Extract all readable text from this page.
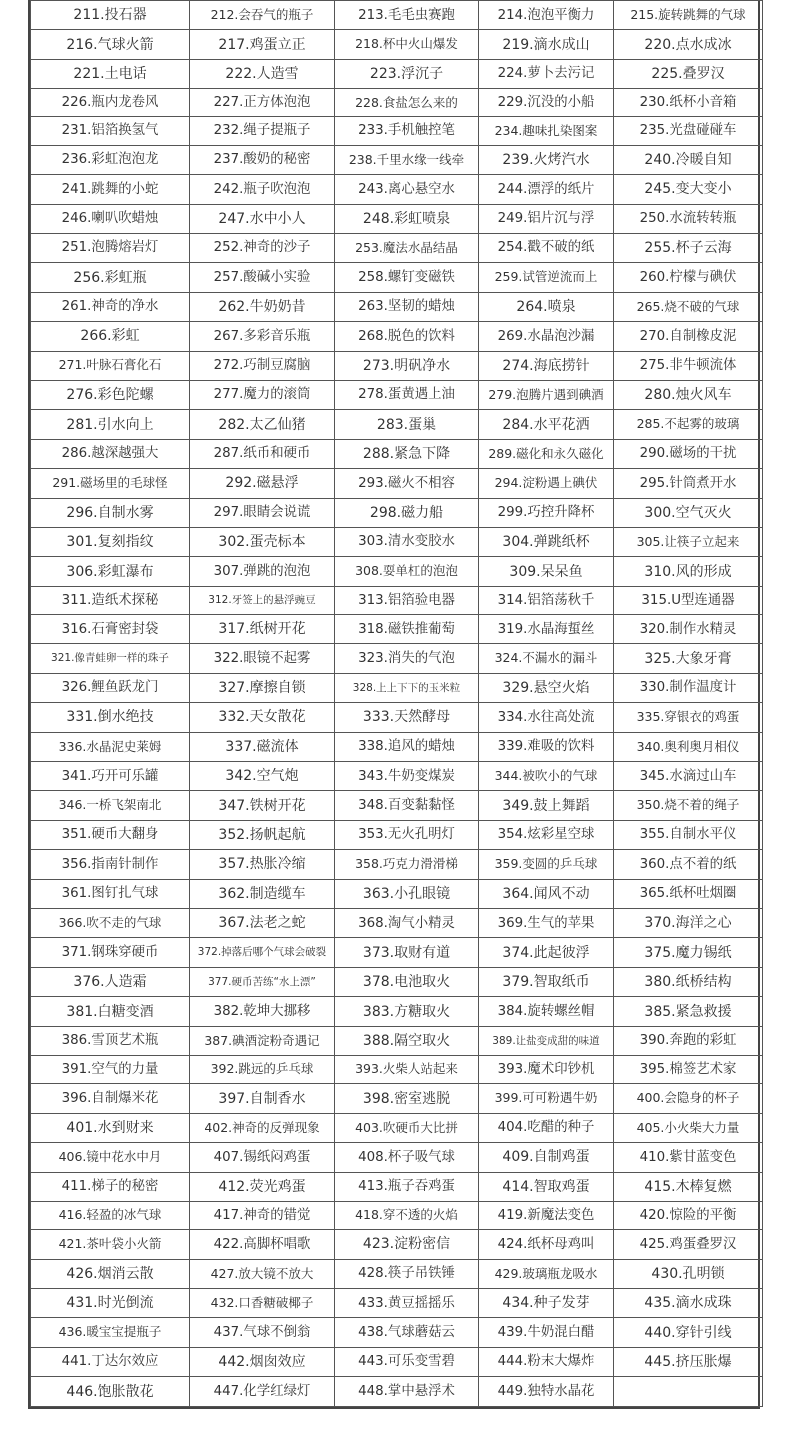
211.投石器	212.会吞气的瓶子	213.毛毛虫赛跑	214.泡泡平衡力	215.旋转跳舞的气球
216.气球火箭	217.鸡蛋立正	218.杯中火山爆发	219.滴水成山	220.点水成冰
221.土电话	222.人造雪	223.浮沉子	224.萝卜去污记	225.叠罗汉
226.瓶内龙卷风	227.正方体泡泡	228.食盐怎么来的	229.沉没的小船	230.纸杯小音箱
231.铝箔换氢气	232.绳子提瓶子	233.手机触控笔	234.趣味扎染图案	235.光盘碰碰车
236.彩虹泡泡龙	237.酸奶的秘密	238.千里水缘一线牵	239.火烤汽水	240.冷暖自知
241.跳舞的小蛇	242.瓶子吹泡泡	243.离心悬空水	244.漂浮的纸片	245.变大变小
246.喇叭吹蜡烛	247.水中小人	248.彩虹喷泉	249.铝片沉与浮	250.水流转转瓶
251.泡腾熔岩灯	252.神奇的沙子	253.魔法水晶结晶	254.戳不破的纸	255.杯子云海
256.彩虹瓶	257.酸碱小实验	258.螺钉变磁铁	259.试管逆流而上	260.柠檬与碘伏
261.神奇的净水	262.牛奶奶昔	263.坚韧的蜡烛	264.喷泉	265.烧不破的气球
266.彩虹	267.多彩音乐瓶	268.脱色的饮料	269.水晶泡沙漏	270.自制橡皮泥
271.叶脉石膏化石	272.巧制豆腐脑	273.明矾净水	274.海底捞针	275.非牛顿流体
276.彩色陀螺	277.魔力的滚筒	278.蛋黄遇上油	279.泡腾片遇到碘酒	280.烛火风车
281.引水向上	282.太乙仙猪	283.蛋巢	284.水平花洒	285.不起雾的玻璃
286.越深越强大	287.纸币和硬币	288.紧急下降	289.磁化和永久磁化	290.磁场的干扰
291.磁场里的毛球怪	292.磁悬浮	293.磁火不相容	294.淀粉遇上碘伏	295.针筒煮开水
296.自制水雾	297.眼睛会说谎	298.磁力船	299.巧控升降杯	300.空气灭火
301.复刻指纹	302.蛋壳标本	303.清水变胶水	304.弹跳纸杯	305.让筷子立起来
306.彩虹瀑布	307.弹跳的泡泡	308.耍单杠的泡泡	309.呆呆鱼	310.风的形成
311.造纸术探秘	312.牙签上的悬浮豌豆	313.铝箔验电器	314.铝箔荡秋千	315.U型连通器
316.石膏密封袋	317.纸树开花	318.磁铁推葡萄	319.水晶海蜇丝	320.制作水精灵
321.像青蛙卵一样的珠子	322.眼镜不起雾	323.消失的气泡	324.不漏水的漏斗	325.大象牙膏
326.鲤鱼跃龙门	327.摩擦自锁	328.上上下下的玉米粒	329.悬空火焰	330.制作温度计
331.倒水绝技	332.天女散花	333.天然酵母	334.水往高处流	335.穿银衣的鸡蛋
336.水晶泥史莱姆	337.磁流体	338.追风的蜡烛	339.难吸的饮料	340.奥利奥月相仪
341.巧开可乐罐	342.空气炮	343.牛奶变煤炭	344.被吹小的气球	345.水滴过山车
346.一桥飞架南北	347.铁树开花	348.百变黏黏怪	349.鼓上舞蹈	350.烧不着的绳子
351.硬币大翻身	352.扬帆起航	353.无火孔明灯	354.炫彩星空球	355.自制水平仪
356.指南针制作	357.热胀冷缩	358.巧克力滑滑梯	359.变圆的乒乓球	360.点不着的纸
361.图钉扎气球	362.制造缆车	363.小孔眼镜	364.闻风不动	365.纸杯吐烟圈
366.吹不走的气球	367.法老之蛇	368.淘气小精灵	369.生气的苹果	370.海洋之心
371.钢珠穿硬币	372.掉落后哪个气球会破裂	373.取财有道	374.此起彼浮	375.魔力锡纸
376.人造霜	377.硬币苦练“水上漂”	378.电池取火	379.智取纸币	380.纸桥结构
381.白糖变酒	382.乾坤大挪移	383.方糖取火	384.旋转螺丝帽	385.紧急救援
386.雪顶艺术瓶	387.碘酒淀粉奇遇记	388.隔空取火	389.让盐变成甜的味道	390.奔跑的彩虹
391.空气的力量	392.跳远的乒乓球	393.火柴人站起来	393.魔术印钞机	395.棉签艺术家
396.自制爆米花	397.自制香水	398.密室逃脱	399.可可粉遇牛奶	400.会隐身的杯子
401.水到财来	402.神奇的反弹现象	403.吹硬币大比拼	404.吃醋的种子	405.小火柴大力量
406.镜中花水中月	407.锡纸闷鸡蛋	408.杯子吸气球	409.自制鸡蛋	410.紫甘蓝变色
411.梯子的秘密	412.荧光鸡蛋	413.瓶子吞鸡蛋	414.智取鸡蛋	415.木棒复燃
416.轻盈的冰气球	417.神奇的错觉	418.穿不透的火焰	419.新魔法变色	420.惊险的平衡
421.茶叶袋小火箭	422.高脚杯唱歌	423.淀粉密信	424.纸杯母鸡叫	425.鸡蛋叠罗汉
426.烟消云散	427.放大镜不放大	428.筷子吊铁锤	429.玻璃瓶龙吸水	430.孔明锁
431.时光倒流	432.口香糖破椰子	433.黄豆摇摇乐	434.种子发芽	435.滴水成珠
436.暖宝宝提瓶子	437.气球不倒翁	438.气球蘑菇云	439.牛奶混白醋	440.穿针引线
441.丁达尔效应	442.烟囱效应	443.可乐变雪碧	444.粉末大爆炸	445.挤压胀爆
446.饱胀散花	447.化学红绿灯	448.掌中悬浮术	449.独特水晶花	
